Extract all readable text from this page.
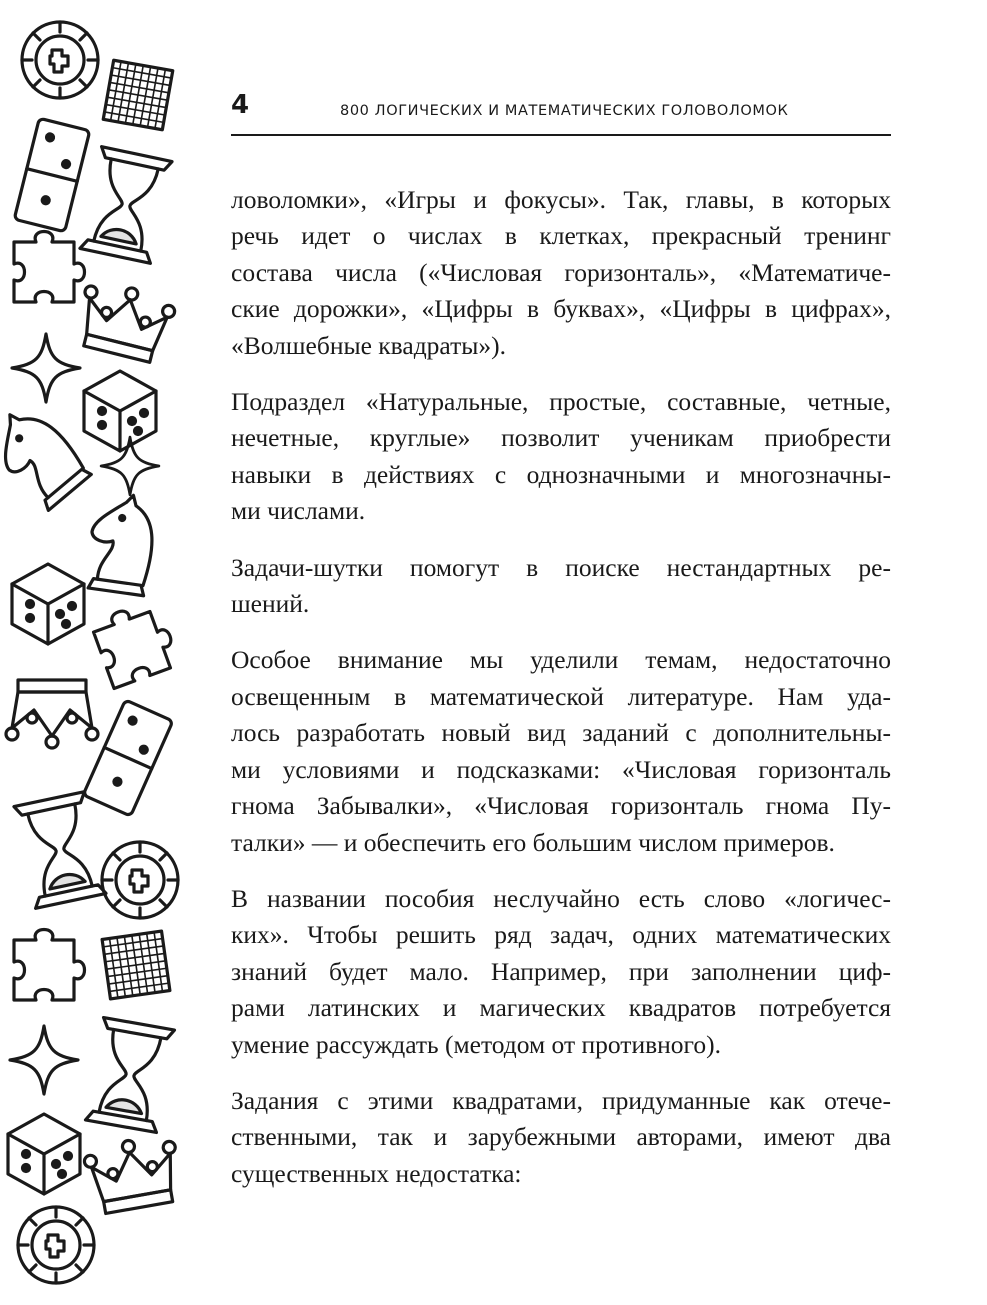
4	800 ЛОГИЧЕСКИХ И МАТЕМАТИЧЕСКИХ ГОЛОВОЛОМОК

ловоломки», «Игры и фокусы». Так, главы, в которых
речь идет о числах в клетках, прекрасный тренинг
состава числа («Числовая горизонталь», «Математиче-
ские дорожки», «Цифры в буквах», «Цифры в цифрах»,
«Волшебные квадраты»).

Подраздел «Натуральные, простые, составные, четные,
нечетные, круглые» позволит ученикам приобрести
навыки в действиях с однозначными и многозначны-
ми числами.

Задачи-шутки помогут в поиске нестандартных ре-
шений.

Особое внимание мы уделили темам, недостаточно
освещенным в математической литературе. Нам уда-
лось разработать новый вид заданий с дополнительны-
ми условиями и подсказками: «Числовая горизонталь
гнома Забывалки», «Числовая горизонталь гнома Пу-
талки» — и обеспечить его большим числом примеров.

В названии пособия неслучайно есть слово «логичес-
ких». Чтобы решить ряд задач, одних математических
знаний будет мало. Например, при заполнении циф-
рами латинских и магических квадратов потребуется
умение рассуждать (методом от противного).

Задания с этими квадратами, придуманные как отече-
ственными, так и зарубежными авторами, имеют два
существенных недостатка:
